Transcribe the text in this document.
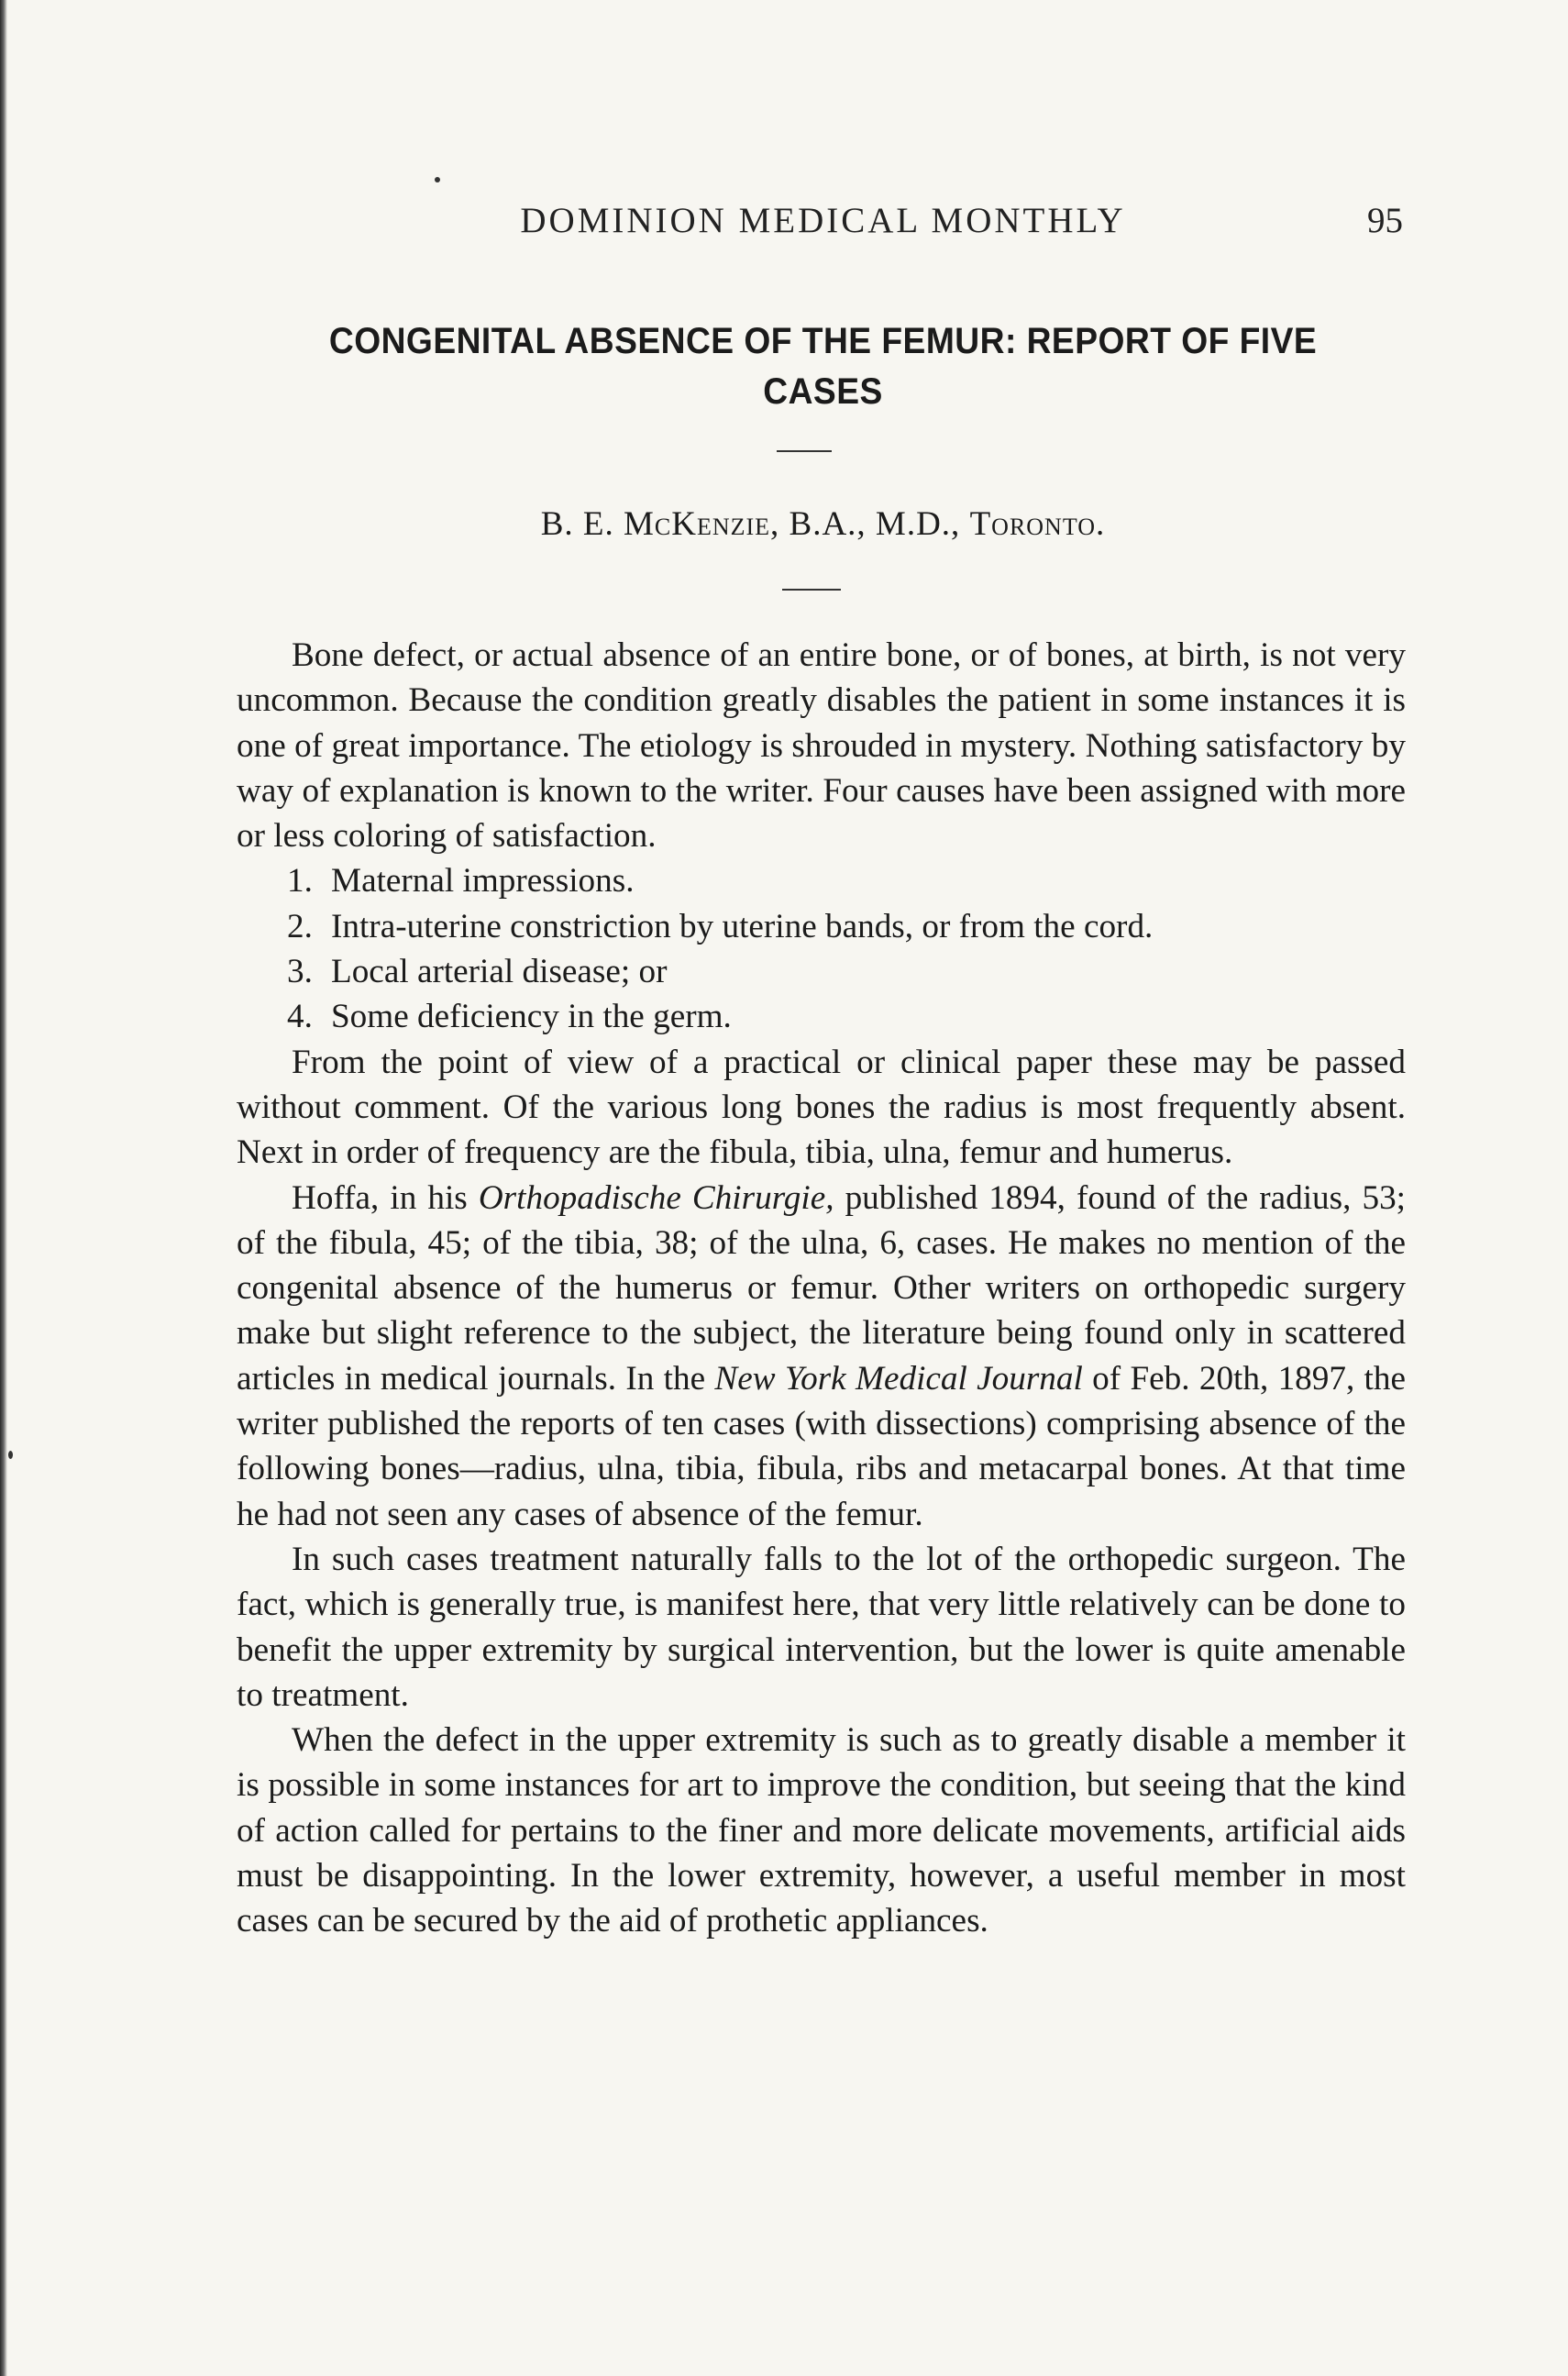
DOMINION MEDICAL MONTHLY	95
CONGENITAL ABSENCE OF THE FEMUR: REPORT OF FIVE
CASES
B. E. McKenzie, B.A., M.D., Toronto.

Bone defect, or actual absence of an entire bone, or of bones, at birth, is not very uncommon. Because the condition greatly disables the patient in some instances it is one of great importance. The etiology is shrouded in mystery. Nothing satisfactory by way of explanation is known to the writer. Four causes have been assigned with more or less coloring of satisfaction.

1. Maternal impressions.

2. Intra-uterine constriction by uterine bands, or from the cord.

3. Local arterial disease; or

4. Some deficiency in the germ.

From the point of view of a practical or clinical paper these may be passed without comment. Of the various long bones the radius is most frequently absent. Next in order of frequency are the fibula, tibia, ulna, femur and humerus.

Hoffa, in his Orthopadische Chirurgie, published 1894, found of the radius, 53; of the fibula, 45; of the tibia, 38; of the ulna, 6, cases. He makes no mention of the congenital absence of the humerus or femur. Other writers on orthopedic surgery make but slight reference to the subject, the literature being found only in scattered articles in medical journals. In the New York Medical Journal of Feb. 20th, 1897, the writer published the reports of ten cases (with dissections) comprising absence of the following bones—radius, ulna, tibia, fibula, ribs and metacarpal bones. At that time he had not seen any cases of absence of the femur.

In such cases treatment naturally falls to the lot of the orthopedic surgeon. The fact, which is generally true, is manifest here, that very little relatively can be done to benefit the upper extremity by surgical intervention, but the lower is quite amenable to treatment.

When the defect in the upper extremity is such as to greatly disable a member it is possible in some instances for art to improve the condition, but seeing that the kind of action called for pertains to the finer and more delicate movements, artificial aids must be disappointing. In the lower extremity, however, a useful member in most cases can be secured by the aid of prothetic appliances.
